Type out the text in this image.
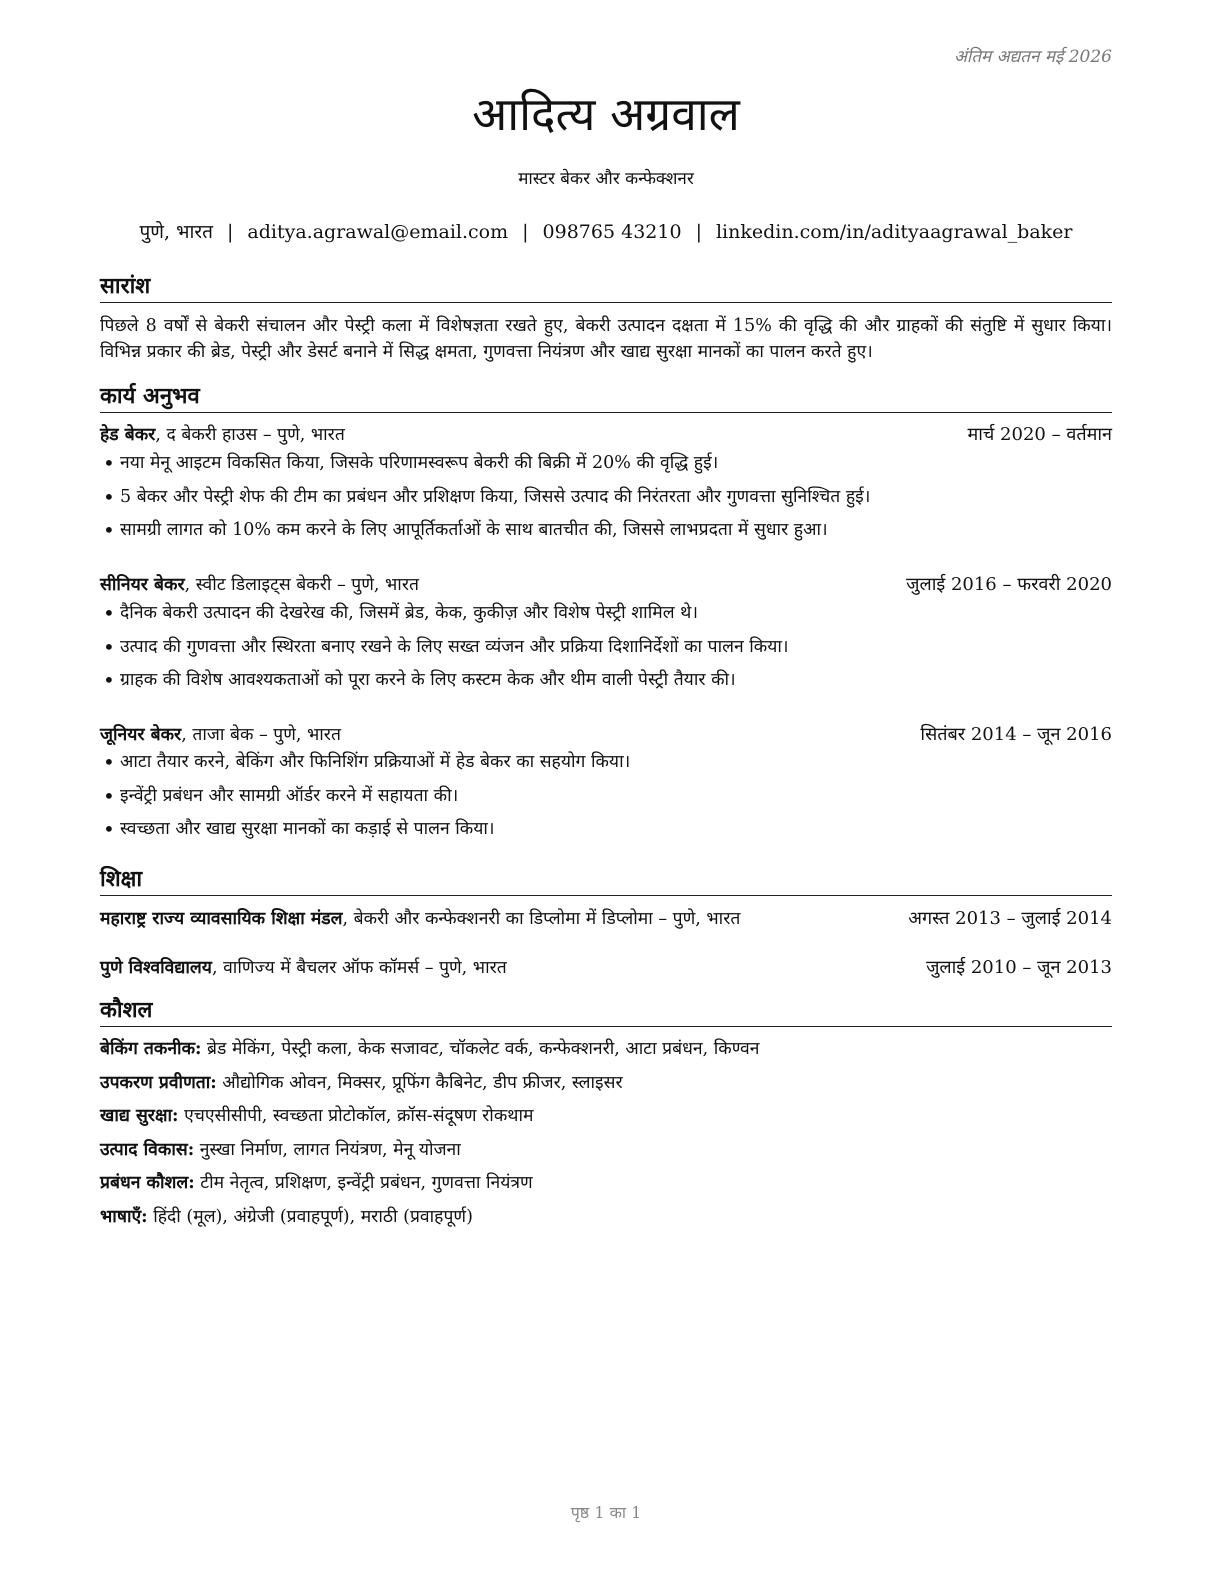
अंतिम अद्यतन मई 2026
आदित्य अग्रवाल
मास्टर बेकर और कन्फेक्शनर
पुणे, भारत | aditya.agrawal@email.com | 098765 43210 | linkedin.com/in/adityaagrawal_baker
सारांश
पिछले 8 वर्षों से बेकरी संचालन और पेस्ट्री कला में विशेषज्ञता रखते हुए, बेकरी उत्पादन दक्षता में 15% की वृद्धि की और ग्राहकों की संतुष्टि में सुधार किया। विभिन्न प्रकार की ब्रेड, पेस्ट्री और डेसर्ट बनाने में सिद्ध क्षमता, गुणवत्ता नियंत्रण और खाद्य सुरक्षा मानकों का पालन करते हुए।
कार्य अनुभव
हेड बेकर, द बेकरी हाउस – पुणे, भारत	मार्च 2020 – वर्तमान
• नया मेनू आइटम विकसित किया, जिसके परिणामस्वरूप बेकरी की बिक्री में 20% की वृद्धि हुई।
• 5 बेकर और पेस्ट्री शेफ की टीम का प्रबंधन और प्रशिक्षण किया, जिससे उत्पाद की निरंतरता और गुणवत्ता सुनिश्चित हुई।
• सामग्री लागत को 10% कम करने के लिए आपूर्तिकर्ताओं के साथ बातचीत की, जिससे लाभप्रदता में सुधार हुआ।
सीनियर बेकर, स्वीट डिलाइट्स बेकरी – पुणे, भारत	जुलाई 2016 – फरवरी 2020
• दैनिक बेकरी उत्पादन की देखरेख की, जिसमें ब्रेड, केक, कुकीज़ और विशेष पेस्ट्री शामिल थे।
• उत्पाद की गुणवत्ता और स्थिरता बनाए रखने के लिए सख्त व्यंजन और प्रक्रिया दिशानिर्देशों का पालन किया।
• ग्राहक की विशेष आवश्यकताओं को पूरा करने के लिए कस्टम केक और थीम वाली पेस्ट्री तैयार की।
जूनियर बेकर, ताजा बेक – पुणे, भारत	सितंबर 2014 – जून 2016
• आटा तैयार करने, बेकिंग और फिनिशिंग प्रक्रियाओं में हेड बेकर का सहयोग किया।
• इन्वेंट्री प्रबंधन और सामग्री ऑर्डर करने में सहायता की।
• स्वच्छता और खाद्य सुरक्षा मानकों का कड़ाई से पालन किया।
शिक्षा
महाराष्ट्र राज्य व्यावसायिक शिक्षा मंडल, बेकरी और कन्फेक्शनरी का डिप्लोमा में डिप्लोमा – पुणे, भारत	अगस्त 2013 – जुलाई 2014
पुणे विश्वविद्यालय, वाणिज्य में बैचलर ऑफ कॉमर्स – पुणे, भारत	जुलाई 2010 – जून 2013
कौशल
बेकिंग तकनीक: ब्रेड मेकिंग, पेस्ट्री कला, केक सजावट, चॉकलेट वर्क, कन्फेक्शनरी, आटा प्रबंधन, किण्वन
उपकरण प्रवीणता: औद्योगिक ओवन, मिक्सर, प्रूफिंग कैबिनेट, डीप फ्रीजर, स्लाइसर
खाद्य सुरक्षा: एचएसीसीपी, स्वच्छता प्रोटोकॉल, क्रॉस-संदूषण रोकथाम
उत्पाद विकास: नुस्खा निर्माण, लागत नियंत्रण, मेनू योजना
प्रबंधन कौशल: टीम नेतृत्व, प्रशिक्षण, इन्वेंट्री प्रबंधन, गुणवत्ता नियंत्रण
भाषाएँ: हिंदी (मूल), अंग्रेजी (प्रवाहपूर्ण), मराठी (प्रवाहपूर्ण)
पृष्ठ 1 का 1
